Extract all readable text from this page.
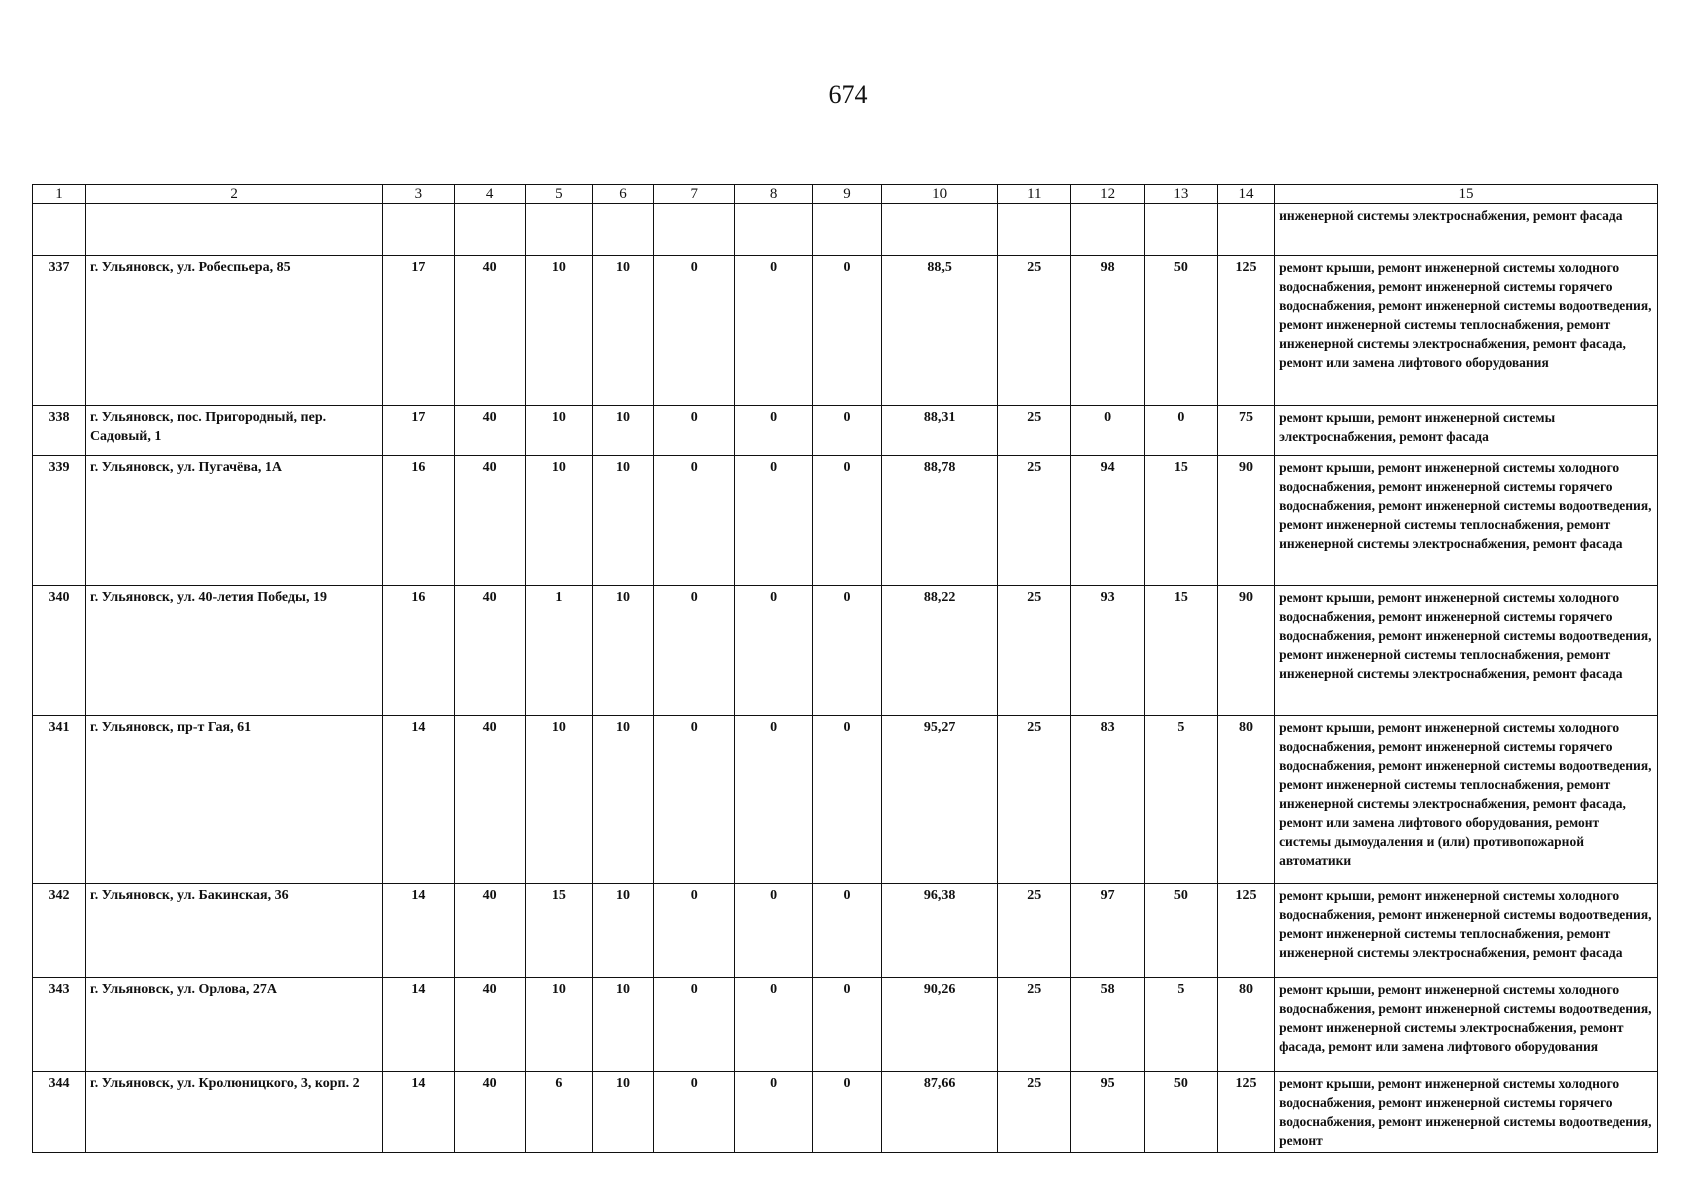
674
1	2	3	4	5	6	7	8	9	10	11	12	13	14	15
														инженерной системы электроснабжения, ремонт фасада
337	г. Ульяновск, ул. Робеспьера, 85	17	40	10	10	0	0	0	88,5	25	98	50	125	ремонт крыши, ремонт инженерной системы холодного водоснабжения, ремонт инженерной системы горячего водоснабжения, ремонт инженерной системы водоотведения, ремонт инженерной системы теплоснабжения, ремонт инженерной системы электроснабжения, ремонт фасада, ремонт или замена лифтового оборудования
338	г. Ульяновск, пос. Пригородный, пер. Садовый, 1	17	40	10	10	0	0	0	88,31	25	0	0	75	ремонт крыши, ремонт инженерной системы электроснабжения, ремонт фасада
339	г. Ульяновск, ул. Пугачёва, 1А	16	40	10	10	0	0	0	88,78	25	94	15	90	ремонт крыши, ремонт инженерной системы холодного водоснабжения, ремонт инженерной системы горячего водоснабжения, ремонт инженерной системы водоотведения, ремонт инженерной системы теплоснабжения, ремонт инженерной системы электроснабжения, ремонт фасада
340	г. Ульяновск, ул. 40-летия Победы, 19	16	40	1	10	0	0	0	88,22	25	93	15	90	ремонт крыши, ремонт инженерной системы холодного водоснабжения, ремонт инженерной системы горячего водоснабжения, ремонт инженерной системы водоотведения, ремонт инженерной системы теплоснабжения, ремонт инженерной системы электроснабжения, ремонт фасада
341	г. Ульяновск, пр-т Гая, 61	14	40	10	10	0	0	0	95,27	25	83	5	80	ремонт крыши, ремонт инженерной системы холодного водоснабжения, ремонт инженерной системы горячего водоснабжения, ремонт инженерной системы водоотведения, ремонт инженерной системы теплоснабжения, ремонт инженерной системы электроснабжения, ремонт фасада, ремонт или замена лифтового оборудования, ремонт системы дымоудаления и (или) противопожарной автоматики
342	г. Ульяновск, ул. Бакинская, 36	14	40	15	10	0	0	0	96,38	25	97	50	125	ремонт крыши, ремонт инженерной системы холодного водоснабжения, ремонт инженерной системы водоотведения, ремонт инженерной системы теплоснабжения, ремонт инженерной системы электроснабжения, ремонт фасада
343	г. Ульяновск, ул. Орлова, 27А	14	40	10	10	0	0	0	90,26	25	58	5	80	ремонт крыши, ремонт инженерной системы холодного водоснабжения, ремонт инженерной системы водоотведения, ремонт инженерной системы электроснабжения, ремонт фасада, ремонт или замена лифтового оборудования
344	г. Ульяновск, ул. Кролюницкого, 3, корп. 2	14	40	6	10	0	0	0	87,66	25	95	50	125	ремонт крыши, ремонт инженерной системы холодного водоснабжения, ремонт инженерной системы горячего водоснабжения, ремонт инженерной системы водоотведения, ремонт
